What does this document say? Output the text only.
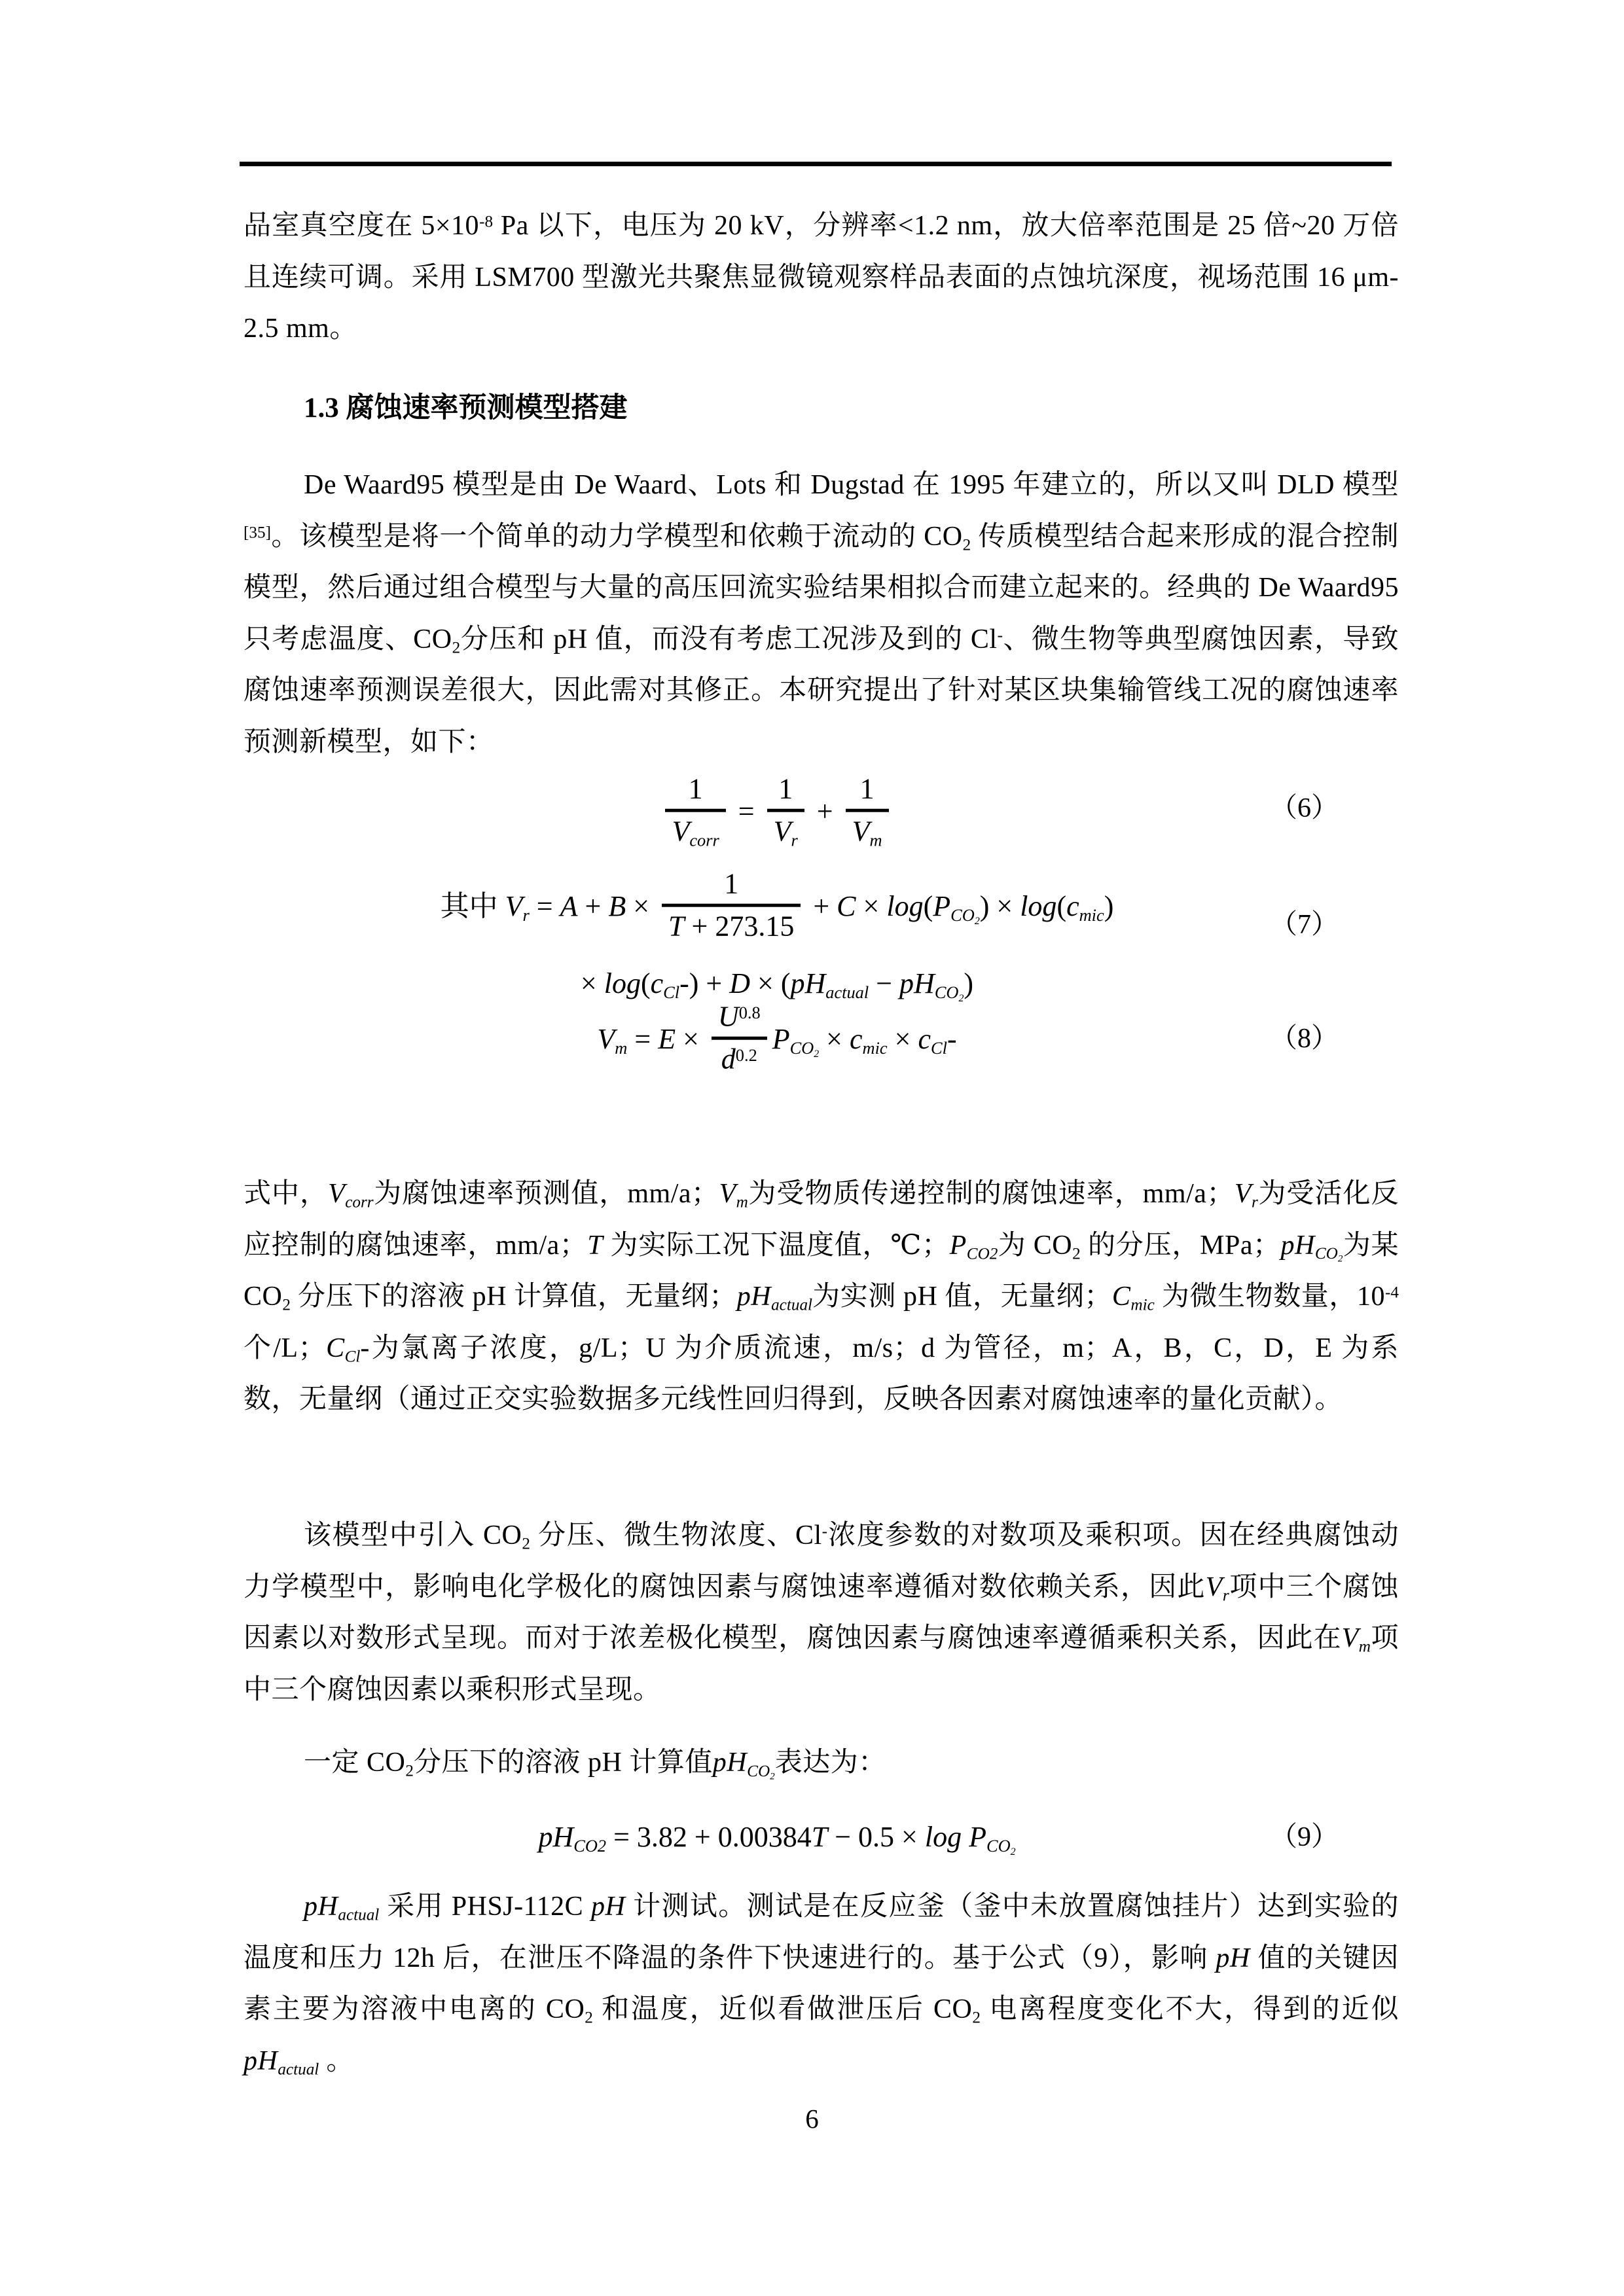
品室真空度在 $5\times 10^{-8}$ Pa 以下，电压为 20 kV，分辨率<1.2 nm，放大倍率范围是 25 倍~20 万倍且连续可调。采用 LSM700 型激光共聚焦显微镜观察样品表面的点蚀坑深度，视场范围 16 μm-2.5 mm。

1.3 腐蚀速率预测模型搭建

De Waard95 模型是由 De Waard、Lots 和 Dugstad 在 1995 年建立的，所以又叫 DLD 模型[35]。该模型是将一个简单的动力学模型和依赖于流动的 $CO_2$ 传质模型结合起来形成的混合控制模型，然后通过组合模型与大量的高压回流实验结果相拟合而建立起来的。经典的 De Waard95 只考虑温度、$CO_2$分压和 pH 值，而没有考虑工况涉及到的 Cl-、微生物等典型腐蚀因素，导致腐蚀速率预测误差很大，因此需对其修正。本研究提出了针对某区块集输管线工况的腐蚀速率预测新模型，如下：

$\frac{1}{V_{corr}} = \frac{1}{V_r} + \frac{1}{V_m}$	（6）
其中 $V_r = A + B \times \frac{1}{T + 273.15} + C \times \log(P_{CO_2}) \times \log(c_{mic})$
× $\log(c_{Cl}-) + D \times (pH_{actual} - pH_{CO_2})$
（7）
$V_m = E \times \frac{U^{0.8}}{d^{0.2}} P_{CO_2} \times c_{mic} \times c_{Cl}-$	（8）

式中，$V_{corr}$为腐蚀速率预测值，mm/a；$V_m$为受物质传递控制的腐蚀速率，mm/a；$V_r$为受活化反应控制的腐蚀速率，mm/a；T 为实际工况下温度值，℃；$P_{CO2}$为 $CO_2$ 的分压，MPa；$pH_{CO_2}$为某 $CO_2$ 分压下的溶液 pH 计算值，无量纲；$pH_{actual}$为实测 pH 值，无量纲；$C_{mic}$ 为微生物数量，$10^{-4}$ 个/L；$C_{Cl}-$为氯离子浓度，g/L；U 为介质流速，m/s；d 为管径，m；A，B，C，D，E 为系数，无量纲（通过正交实验数据多元线性回归得到，反映各因素对腐蚀速率的量化贡献）。

该模型中引入 $CO_2$ 分压、微生物浓度、Cl-浓度参数的对数项及乘积项。因在经典腐蚀动力学模型中，影响电化学极化的腐蚀因素与腐蚀速率遵循对数依赖关系，因此$V_r$项中三个腐蚀因素以对数形式呈现。而对于浓差极化模型，腐蚀因素与腐蚀速率遵循乘积关系，因此在$V_m$项中三个腐蚀因素以乘积形式呈现。

一定 $CO_2$分压下的溶液 pH 计算值$pH_{CO_2}$表达为：

$pH_{CO2} = 3.82 + 0.00384T - 0.5 \times \log P_{CO_2}$	（9）

$pH_{actual}$ 采用 PHSJ-112C pH 计测试。测试是在反应釜（釜中未放置腐蚀挂片）达到实验的温度和压力 12h 后，在泄压不降温的条件下快速进行的。基于公式（9），影响 pH 值的关键因素主要为溶液中电离的 $CO_2$ 和温度，近似看做泄压后 $CO_2$ 电离程度变化不大，得到的近似$pH_{actual}$ 。

6
